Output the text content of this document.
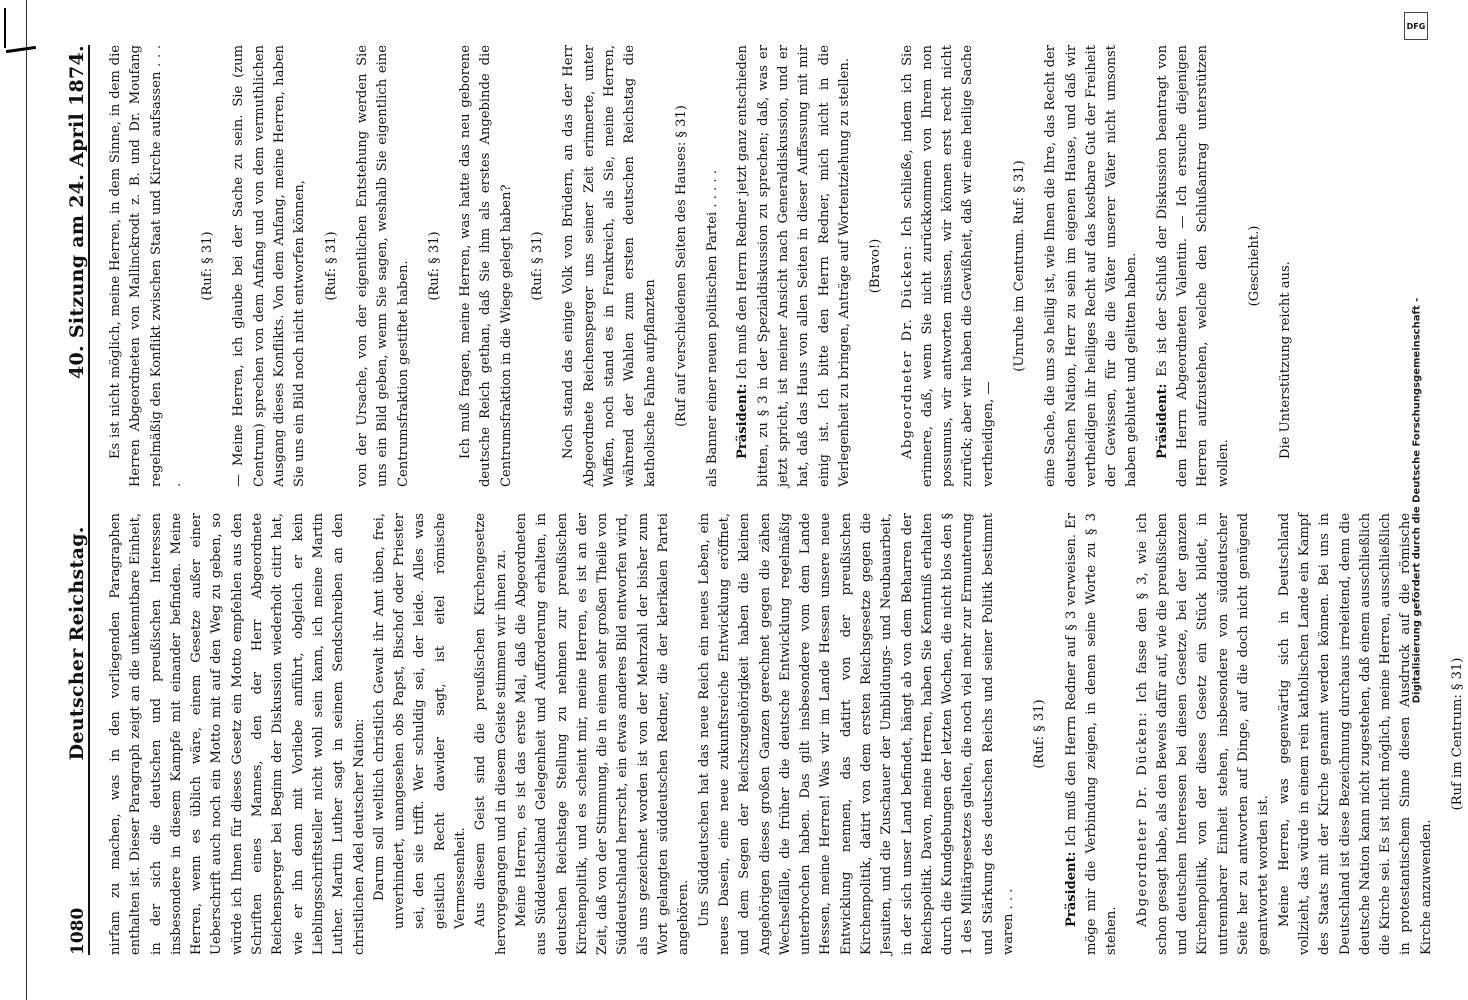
1080
Deutscher Reichstag.
40. Sitzung am 24. April 1874.

nirfam zu machen, was in den vorliegenden Paragraphen enthalten ist. Dieser Paragraph zeigt an die unkenntbare Einheit, in der sich die deutschen und preußischen Interessen insbesondere in diesem Kampfe mit einander befinden. Meine Herren, wenn es üblich wäre, einem Gesetze außer einer Ueberschrift auch noch ein Motto mit auf den Weg zu geben, so würde ich Ihnen für dieses Gesetz ein Motto empfehlen aus den Schriften eines Mannes, den der Herr Abgeordnete Reichensperger bei Beginn der Diskussion wiederholt citirt hat, wie er ihn denn mit Vorliebe anführt, obgleich er kein Lieblingsschriftsteller nicht wohl sein kann, ich meine Martin Luther. Martin Luther sagt in seinem Sendschreiben an den christlichen Adel deutscher Nation: Darum soll weltlich christlich Gewalt ihr Amt üben, frei, unverhindert, unangesehen obs Papst, Bischof oder Priester sei, den sie trifft. Wer schuldig sei, der leide. Alles was geistlich Recht dawider sagt, ist eitel römische Vermessenheit. Aus diesem Geist sind die preußischen Kirchengesetze hervorgegangen und in diesem Geiste stimmen wir ihnen zu. Meine Herren, es ist das erste Mal, daß die Abgeordneten aus Süddeutschland Gelegenheit und Aufforderung erhalten, in deutschen Reichstage Stellung zu nehmen zur preußischen Kirchenpolitik, und es scheint mir, meine Herren, es ist an der Zeit, daß von der Stimmung, die in einem sehr großen Theile von Süddeutschland herrscht, ein etwas anderes Bild entworfen wird, als uns gezeichnet worden ist von der Mehrzahl der bisher zum Wort gelangten süddeutschen Redner, die der klerikalen Partei angehören. Uns Süddeutschen hat das neue Reich ein neues Leben, ein neues Dasein, eine neue zukunftsreiche Entwicklung eröffnet, und dem Segen der Reichszugehörigkeit haben die kleinen Angehörigen dieses großen Ganzen gerechnet gegen die zähen Wechselfälle, die früher die deutsche Entwicklung regelmäßig unterbrochen haben. Das gilt insbesondere vom dem Lande Hessen, meine Herren! Was wir im Lande Hessen unsere neue Entwicklung nennen, das datirt von der preußischen Kirchenpolitik, datirt von dem ersten Reichsgesetze gegen die Jesuiten, und die Zuschauer der Umbildungs- und Neubauarbeit, in der sich unser Land befindet, hängt ab von dem Beharren der Reichspolitik. Davon, meine Herren, haben Sie Kenntniß erhalten durch die Kundgebungen der letzten Wochen, die nicht blos den § 1 des Militärgesetzes galten, die noch viel mehr zur Ermunterung und Stärkung des deutschen Reichs und seiner Politik bestimmt waren . . .

(Ruf: § 31)

Präsident: Ich muß den Herrn Redner auf § 3 verweisen. Er möge mir die Verbindung zeigen, in denen seine Worte zu § 3 stehen.

Abgeordneter Dr. Dücken: Ich fasse den § 3, wie ich schon gesagt habe, als den Beweis dafür auf, wie die preußischen und deutschen Interessen bei diesen Gesetze, bei der ganzen Kirchenpolitik, von der dieses Gesetz ein Stück bildet, in untrennbarer Einheit stehen, insbesondere von süddeutscher Seite her zu antworten auf Dinge, auf die doch nicht genügend geantwortet worden ist. Meine Herren, was gegenwärtig sich in Deutschland vollzieht, das würde in einem rein katholischen Lande ein Kampf des Staats mit der Kirche genannt werden können. Bei uns in Deutschland ist diese Bezeichnung durchaus irreleitend, denn die deutsche Nation kann nicht zugestehen, daß einem ausschließlich die Kirche sei. Es ist nicht möglich, meine Herren, ausschließlich in protestantischem Sinne diesen Ausdruck auf die römische Kirche anzuwenden.

(Ruf im Centrum: § 31)

Es ist nicht möglich, meine Herren, in dem Sinne, in dem die Herren Abgeordneten von Mallinckrodt z. B. und Dr. Moufang regelmäßig den Konflikt zwischen Staat und Kirche aufsassen . . . .

(Ruf: § 31) — Meine Herren, ich glaube bei der Sache zu sein. Sie (zum Centrum) sprechen von dem Anfang und von dem vermuthlichen Ausgang dieses Konflikts. Von dem Anfang, meine Herren, haben Sie uns ein Bild noch nicht entworfen können, (Ruf: § 31) von der Ursache, von der eigentlichen Entstehung werden Sie uns ein Bild geben, wenn Sie sagen, weshalb Sie eigentlich eine Centrumsfraktion gestiftet haben. (Ruf: § 31) Ich muß fragen, meine Herren, was hatte das neu geborene deutsche Reich gethan, daß Sie ihm als erstes Angebinde die Centrumsfraktion in die Wiege gelegt haben? (Ruf: § 31) Noch stand das einige Volk von Brüdern, an das der Herr Abgeordnete Reichensperger uns seiner Zeit erinnerte, unter Waffen, noch stand es in Frankreich, als Sie, meine Herren, während der Wahlen zum ersten deutschen Reichstag die katholische Fahne aufpflanzten (Ruf auf verschiedenen Seiten des Hauses: § 31) als Banner einer neuen politischen Partei . . . . . Präsident: Ich muß den Herrn Redner jetzt ganz entschieden bitten, zu § 3 in der Spezialdiskussion zu sprechen; daß, was er jetzt spricht, ist meiner Ansicht nach Generaldiskussion, und er hat, daß das Haus von allen Seiten in dieser Auffassung mit mir einig ist. Ich bitte den Herrn Redner, mich nicht in die Verlegenheit zu bringen, Anträge auf Wortentziehung zu stellen. (Bravo!) Abgeordneter Dr. Dücken: Ich schließe, indem ich Sie erinnere, daß, wenn Sie nicht zurückkommen von Ihrem non possumus, wir antworten müssen, wir können erst recht nicht zurück; aber wir haben die Gewißheit, daß wir eine heilige Sache vertheidigen, —

(Unruhe im Centrum. Ruf: § 31) eine Sache, die uns so heilig ist, wie Ihnen die Ihre, das Recht der deutschen Nation, Herr zu sein im eigenen Hause, und daß wir vertheidigen ihr heiliges Recht auf das kostbare Gut der Freiheit der Gewissen, für die die Väter unserer Väter nicht umsonst haben geblutet und gelitten haben. Präsident: Es ist der Schluß der Diskussion beantragt von dem Herrn Abgeordneten Valentin. — Ich ersuche diejenigen Herren aufzustehen, welche den Schlußantrag unterstützen wollen.

(Geschieht.) Die Unterstützung reicht aus.	Digitalisierung gefördert durch die Deutsche Forschungsgemeinschaft -
DFG
